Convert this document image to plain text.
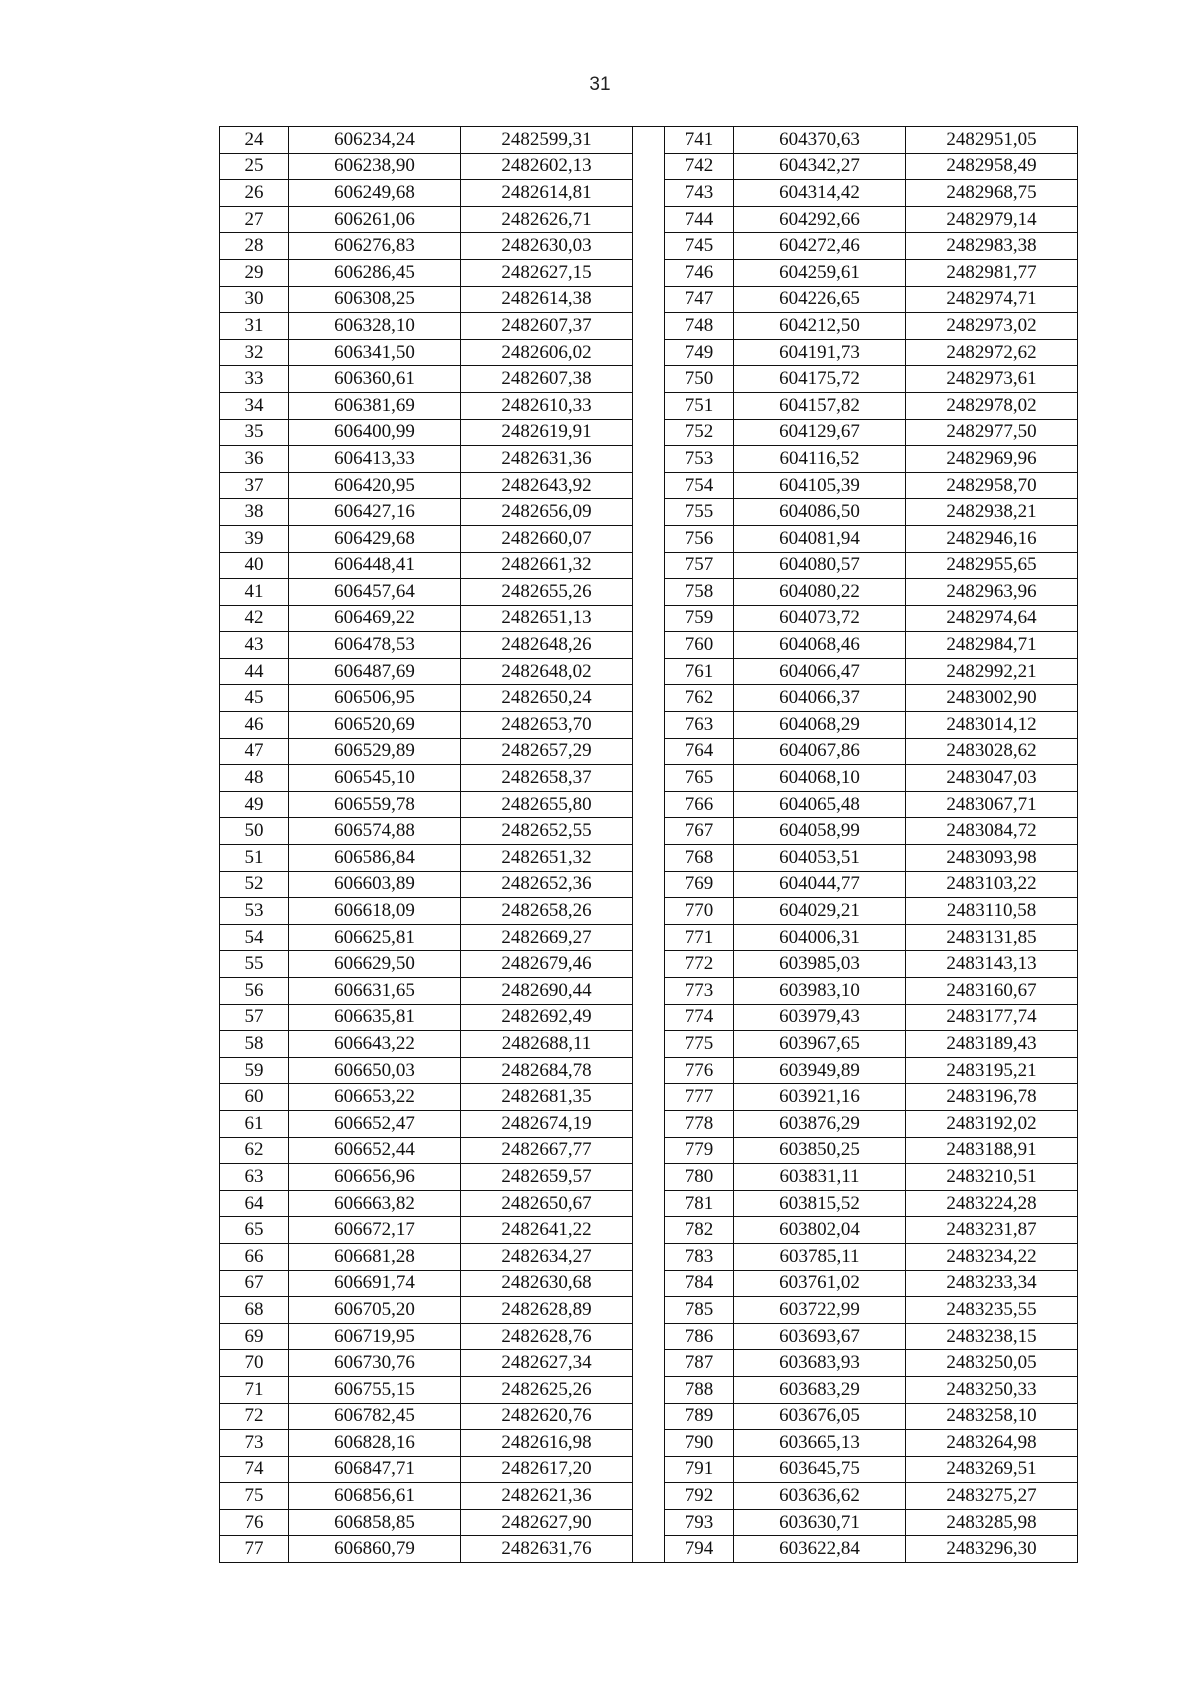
31
24	606234,24	2482599,31		741	604370,63	2482951,05
25	606238,90	2482602,13		742	604342,27	2482958,49
26	606249,68	2482614,81		743	604314,42	2482968,75
27	606261,06	2482626,71		744	604292,66	2482979,14
28	606276,83	2482630,03		745	604272,46	2482983,38
29	606286,45	2482627,15		746	604259,61	2482981,77
30	606308,25	2482614,38		747	604226,65	2482974,71
31	606328,10	2482607,37		748	604212,50	2482973,02
32	606341,50	2482606,02		749	604191,73	2482972,62
33	606360,61	2482607,38		750	604175,72	2482973,61
34	606381,69	2482610,33		751	604157,82	2482978,02
35	606400,99	2482619,91		752	604129,67	2482977,50
36	606413,33	2482631,36		753	604116,52	2482969,96
37	606420,95	2482643,92		754	604105,39	2482958,70
38	606427,16	2482656,09		755	604086,50	2482938,21
39	606429,68	2482660,07		756	604081,94	2482946,16
40	606448,41	2482661,32		757	604080,57	2482955,65
41	606457,64	2482655,26		758	604080,22	2482963,96
42	606469,22	2482651,13		759	604073,72	2482974,64
43	606478,53	2482648,26		760	604068,46	2482984,71
44	606487,69	2482648,02		761	604066,47	2482992,21
45	606506,95	2482650,24		762	604066,37	2483002,90
46	606520,69	2482653,70		763	604068,29	2483014,12
47	606529,89	2482657,29		764	604067,86	2483028,62
48	606545,10	2482658,37		765	604068,10	2483047,03
49	606559,78	2482655,80		766	604065,48	2483067,71
50	606574,88	2482652,55		767	604058,99	2483084,72
51	606586,84	2482651,32		768	604053,51	2483093,98
52	606603,89	2482652,36		769	604044,77	2483103,22
53	606618,09	2482658,26		770	604029,21	2483110,58
54	606625,81	2482669,27		771	604006,31	2483131,85
55	606629,50	2482679,46		772	603985,03	2483143,13
56	606631,65	2482690,44		773	603983,10	2483160,67
57	606635,81	2482692,49		774	603979,43	2483177,74
58	606643,22	2482688,11		775	603967,65	2483189,43
59	606650,03	2482684,78		776	603949,89	2483195,21
60	606653,22	2482681,35		777	603921,16	2483196,78
61	606652,47	2482674,19		778	603876,29	2483192,02
62	606652,44	2482667,77		779	603850,25	2483188,91
63	606656,96	2482659,57		780	603831,11	2483210,51
64	606663,82	2482650,67		781	603815,52	2483224,28
65	606672,17	2482641,22		782	603802,04	2483231,87
66	606681,28	2482634,27		783	603785,11	2483234,22
67	606691,74	2482630,68		784	603761,02	2483233,34
68	606705,20	2482628,89		785	603722,99	2483235,55
69	606719,95	2482628,76		786	603693,67	2483238,15
70	606730,76	2482627,34		787	603683,93	2483250,05
71	606755,15	2482625,26		788	603683,29	2483250,33
72	606782,45	2482620,76		789	603676,05	2483258,10
73	606828,16	2482616,98		790	603665,13	2483264,98
74	606847,71	2482617,20		791	603645,75	2483269,51
75	606856,61	2482621,36		792	603636,62	2483275,27
76	606858,85	2482627,90		793	603630,71	2483285,98
77	606860,79	2482631,76		794	603622,84	2483296,30
